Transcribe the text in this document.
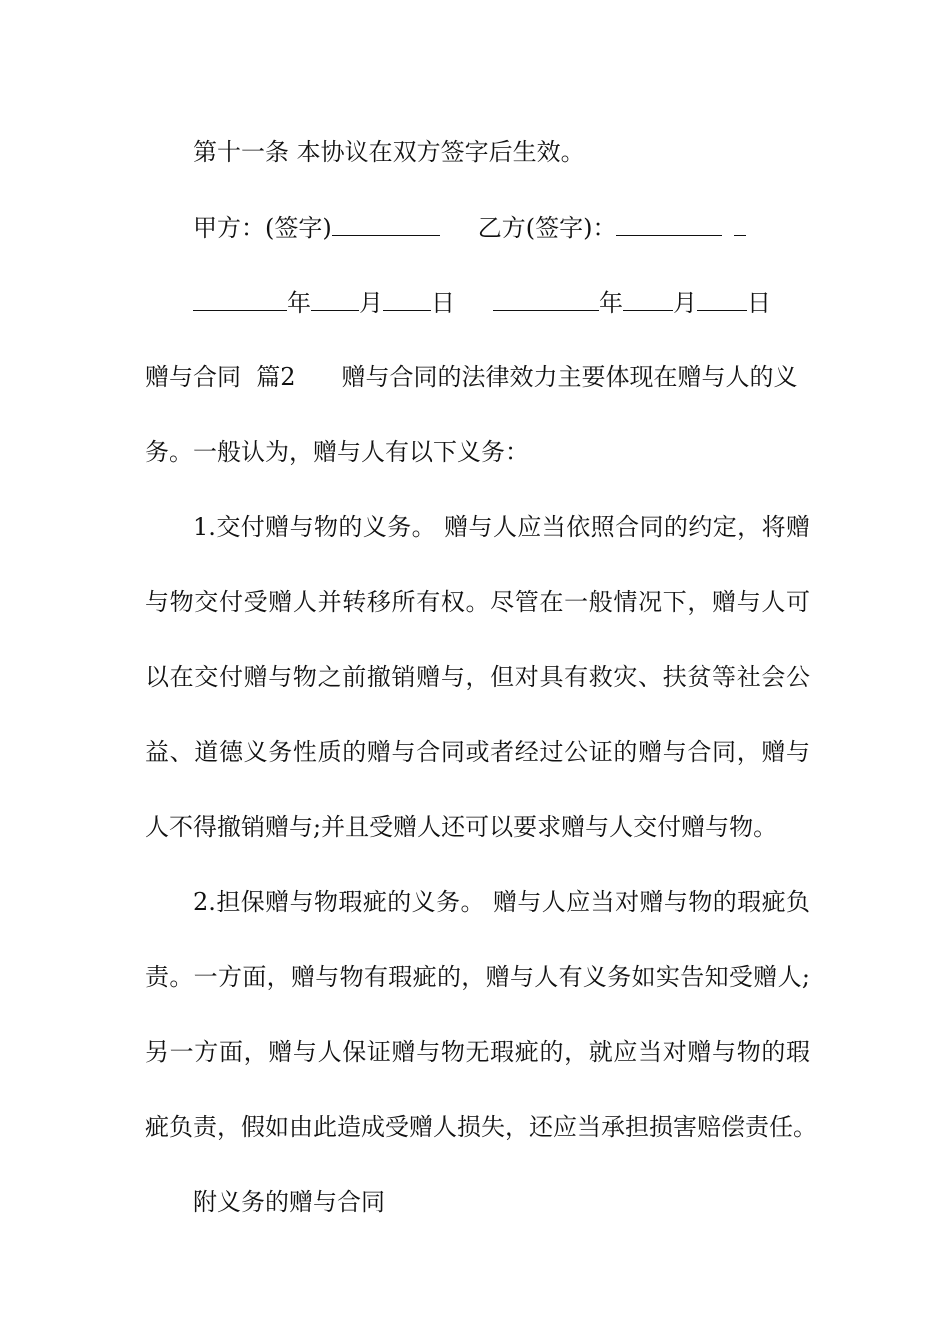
第十一条 本协议在双方签字后生效。
甲方：(签字)	乙方(签字)：
年 月 日	年 月 日
赠与合同  篇2 赠与合同的法律效力主要体现在赠与人的义
务。一般认为，赠与人有以下义务：
1.交付赠与物的义务。 赠与人应当依照合同的约定，将赠
与物交付受赠人并转移所有权。尽管在一般情况下，赠与人可
以在交付赠与物之前撤销赠与，但对具有救灾、扶贫等社会公
益、道德义务性质的赠与合同或者经过公证的赠与合同，赠与
人不得撤销赠与;并且受赠人还可以要求赠与人交付赠与物。
2.担保赠与物瑕疵的义务。 赠与人应当对赠与物的瑕疵负
责。一方面，赠与物有瑕疵的，赠与人有义务如实告知受赠人;
另一方面，赠与人保证赠与物无瑕疵的，就应当对赠与物的瑕
疵负责，假如由此造成受赠人损失，还应当承担损害赔偿责任。
附义务的赠与合同
